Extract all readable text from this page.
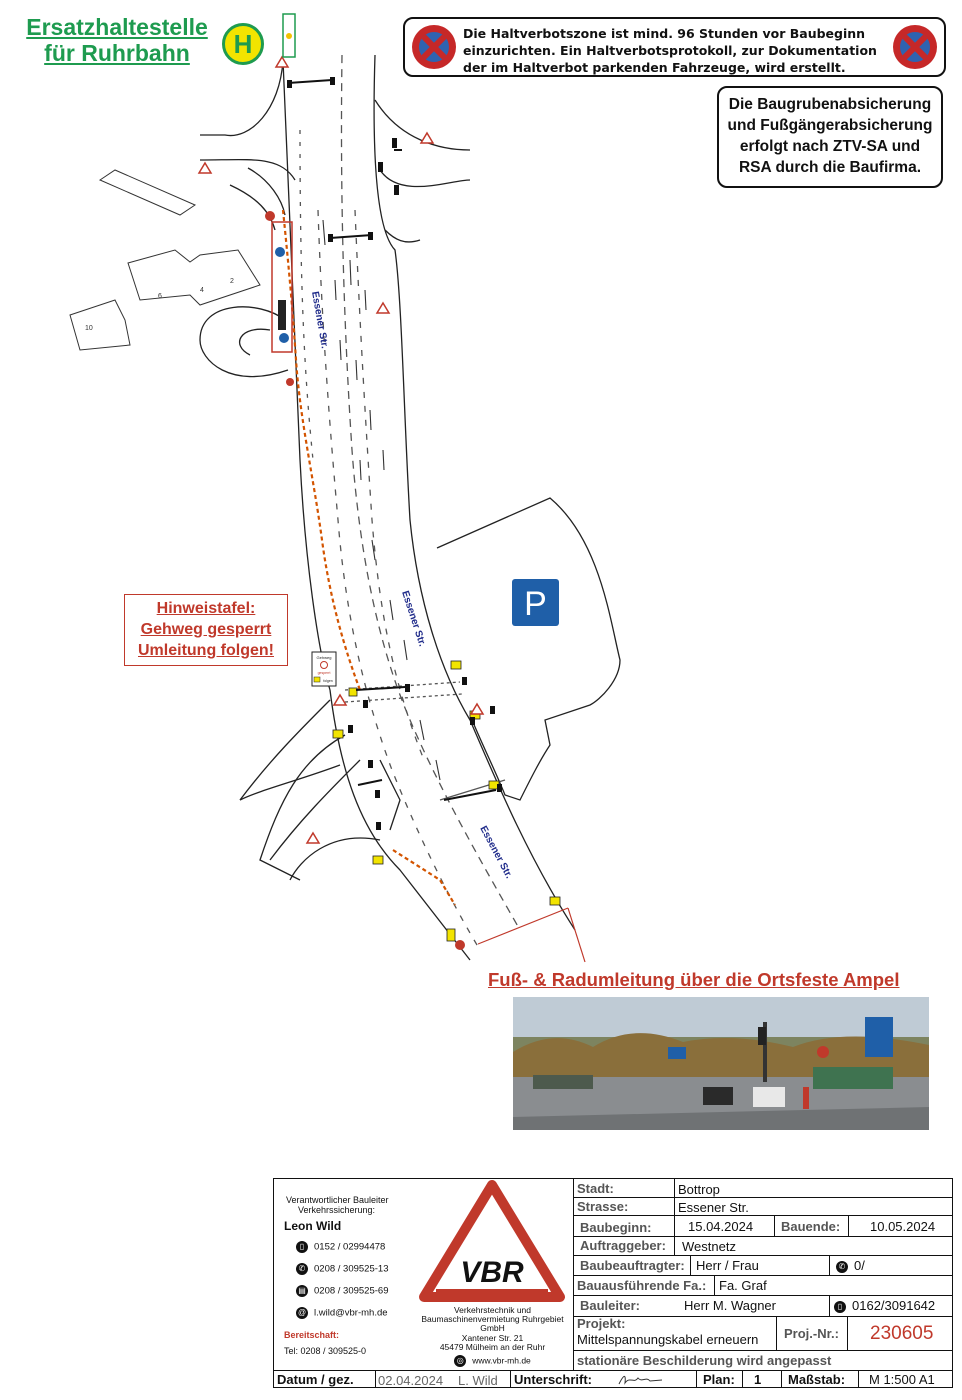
10
6
4
2
Essener Str.
Essener Str.
Essener Str.
P
Gehweg
gesperrt
folgen
Ersatzhaltestelle
für Ruhrbahn	H	Die Haltverbotszone ist mind. 96 Stunden vor Baubeginn
einzurichten. Ein Haltverbotsprotokoll, zur Dokumentation
der im Haltverbot parkenden Fahrzeuge, wird erstellt.
Die Baugrubenabsicherung
und Fußgängerabsicherung
erfolgt nach ZTV-SA und
RSA durch die Baufirma.
Hinweistafel:
Gehweg gesperrt
Umleitung folgen!
Fuß- & Radumleitung über die Ortsfeste Ampel
Verantwortlicher Bauleiter
Verkehrssicherung:
Leon Wild
▯ 0152 / 02994478
✆ 0208 / 309525-13
▤ 0208 / 309525-69
@ l.wild@vbr-mh.de
Bereitschaft:
Tel: 0208 / 309525-0
VBR
Verkehrstechnik und
Baumaschinenvermietung Ruhrgebiet
GmbH
Xantener Str. 21
45479 Mülheim an der Ruhr
◎ www.vbr-mh.de
Stadt:	Bottrop
Strasse:	Essener Str.
Baubeginn:	15.04.2024 Bauende: 10.05.2024
Auftraggeber: Westnetz
Baubeauftragter: Herr / Frau	✆ 0/
Bauausführende Fa.: Fa. Graf
Bauleiter:	Herr M. Wagner	▯ 0162/3091642
Projekt:
Mittelspannungskabel erneuern Proj.-Nr.: 230605
stationäre Beschilderung wird angepasst
Datum / gez. 02.04.2024 L. Wild Unterschrift:	Plan: 1 Maßstab: M 1:500 A1
